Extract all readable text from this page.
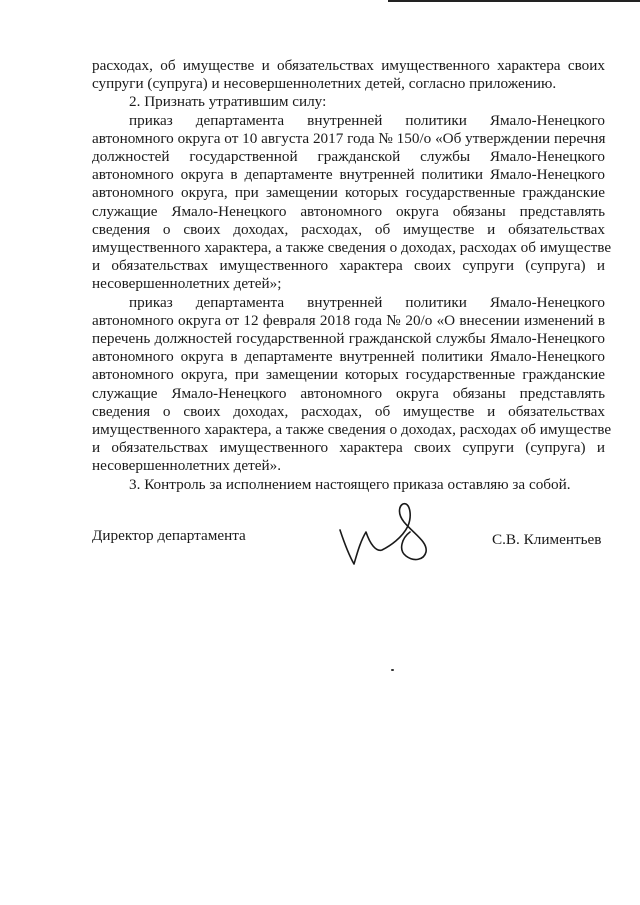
расходах, об имуществе и обязательствах имущественного характера своих
супруги (супруга) и несовершеннолетних детей, согласно приложению.
2. Признать утратившим силу:
приказ департамента внутренней политики Ямало-Ненецкого
автономного округа от 10 августа 2017 года № 150/о «Об утверждении перечня
должностей государственной гражданской службы Ямало-Ненецкого
автономного округа в департаменте внутренней политики Ямало-Ненецкого
автономного округа, при замещении которых государственные гражданские
служащие Ямало-Ненецкого автономного округа обязаны представлять
сведения о своих доходах, расходах, об имуществе и обязательствах
имущественного характера, а также сведения о доходах, расходах об имуществе
и обязательствах имущественного характера своих супруги (супруга) и
несовершеннолетних детей»;
приказ департамента внутренней политики Ямало-Ненецкого
автономного округа от 12 февраля 2018 года № 20/о «О внесении изменений в
перечень должностей государственной гражданской службы Ямало-Ненецкого
автономного округа в департаменте внутренней политики Ямало-Ненецкого
автономного округа, при замещении которых государственные гражданские
служащие Ямало-Ненецкого автономного округа обязаны представлять
сведения о своих доходах, расходах, об имуществе и обязательствах
имущественного характера, а также сведения о доходах, расходах об имуществе
и обязательствах имущественного характера своих супруги (супруга) и
несовершеннолетних детей».
3. Контроль за исполнением настоящего приказа оставляю за собой.
Директор департамента	С.В. Климентьев
